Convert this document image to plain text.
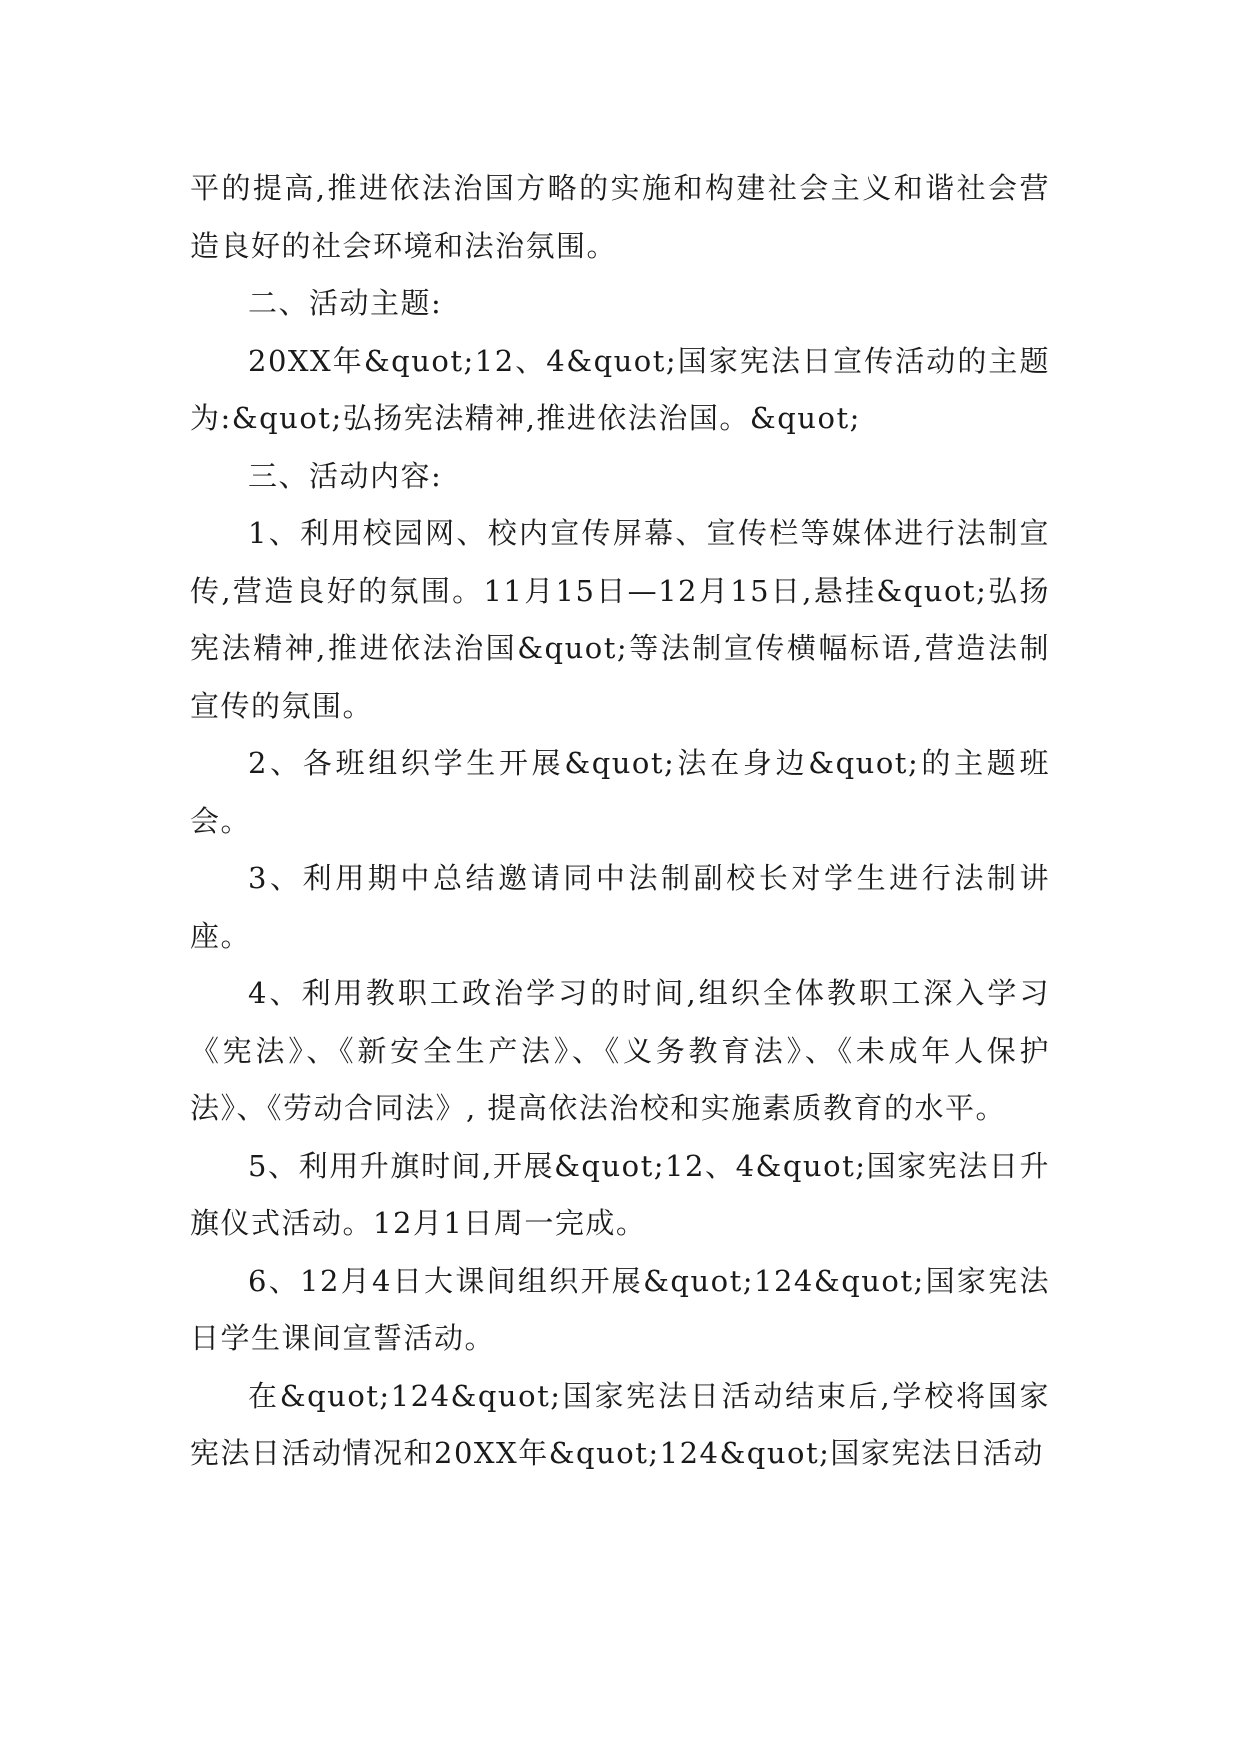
平的提高,推进依法治国方略的实施和构建社会主义和谐社会营造良好的社会环境和法治氛围。

二、活动主题:

20XX年&quot;12、4&quot;国家宪法日宣传活动的主题为:&quot;弘扬宪法精神,推进依法治国。&quot;

三、活动内容:

1、利用校园网、校内宣传屏幕、宣传栏等媒体进行法制宣传,营造良好的氛围。11月15日—12月15日,悬挂&quot;弘扬宪法精神,推进依法治国&quot;等法制宣传横幅标语,营造法制宣传的氛围。

2、各班组织学生开展&quot;法在身边&quot;的主题班会。

3、利用期中总结邀请同中法制副校长对学生进行法制讲座。

4、利用教职工政治学习的时间,组织全体教职工深入学习《宪法》、《新安全生产法》、《义务教育法》、《未成年人保护法》、《劳动合同法》, 提高依法治校和实施素质教育的水平。

5、利用升旗时间,开展&quot;12、4&quot;国家宪法日升旗仪式活动。12月1日周一完成。

6、12月4日大课间组织开展&quot;124&quot;国家宪法日学生课间宣誓活动。

在&quot;124&quot;国家宪法日活动结束后,学校将国家宪法日活动情况和20XX年&quot;124&quot;国家宪法日活动
